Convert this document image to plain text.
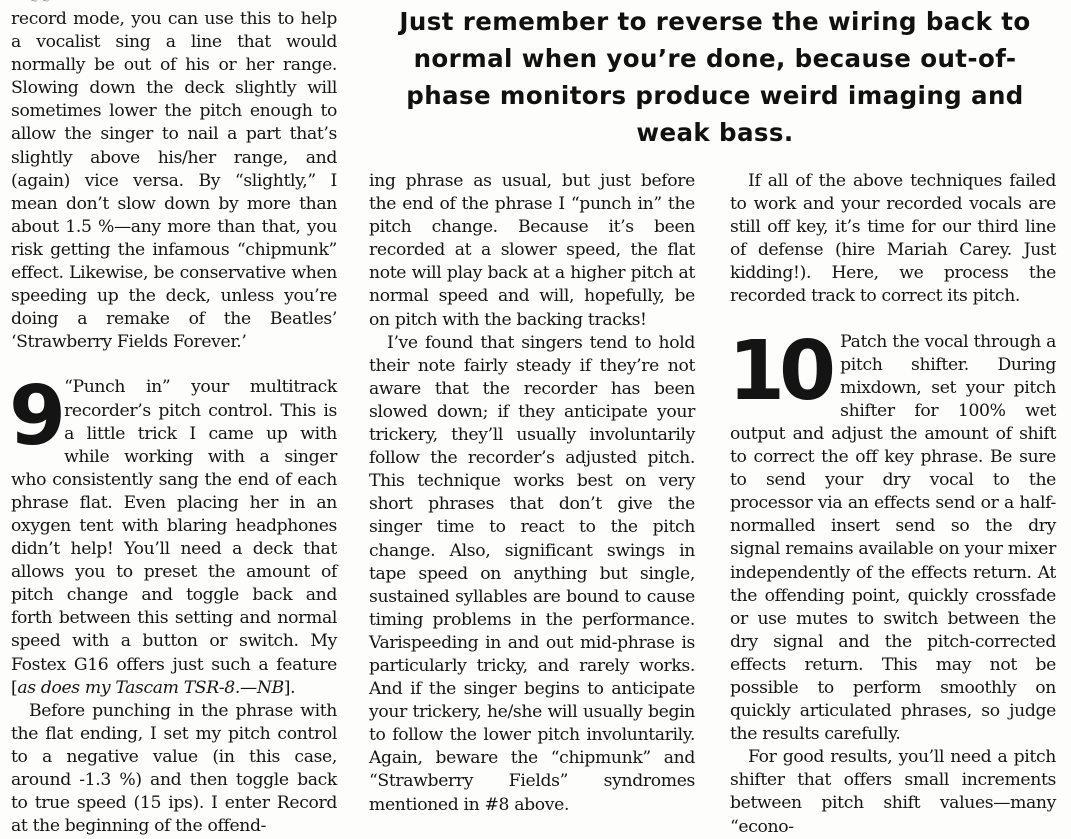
~ ~
Just remember to reverse the wiring back to normal when you’re done, because out-of-phase monitors produce weird imaging and weak bass.

record mode, you can use this to help a vocalist sing a line that would normally be out of his or her range. Slowing down the deck slightly will sometimes lower the pitch enough to allow the singer to nail a part that’s slightly above his/her range, and (again) vice versa. By “slightly,” I mean don’t slow down by more than about 1.5 %—any more than that, you risk getting the infamous “chipmunk” effect. Likewise, be conservative when speeding up the deck, unless you’re doing a remake of the Beatles’ ‘Strawberry Fields Forever.’

9 “Punch in” your multitrack recorder’s pitch control. This is a little trick I came up with while working with a singer who consistently sang the end of each phrase flat. Even placing her in an oxygen tent with blaring headphones didn’t help! You’ll need a deck that allows you to preset the amount of pitch change and toggle back and forth between this setting and normal speed with a button or switch. My Fostex G16 offers just such a feature [as does my Tascam TSR-8.—NB].

Before punching in the phrase with the flat ending, I set my pitch control to a negative value (in this case, around -1.3 %) and then toggle back to true speed (15 ips). I enter Record at the beginning of the offend-

ing phrase as usual, but just before the end of the phrase I “punch in” the pitch change. Because it’s been recorded at a slower speed, the flat note will play back at a higher pitch at normal speed and will, hopefully, be on pitch with the backing tracks!

I’ve found that singers tend to hold their note fairly steady if they’re not aware that the recorder has been slowed down; if they anticipate your trickery, they’ll usually involuntarily follow the recorder’s adjusted pitch. This technique works best on very short phrases that don’t give the singer time to react to the pitch change. Also, significant swings in tape speed on anything but single, sustained syllables are bound to cause timing problems in the performance. Varispeeding in and out mid-phrase is particularly tricky, and rarely works. And if the singer begins to anticipate your trickery, he/she will usually begin to follow the lower pitch involuntarily. Again, beware the “chipmunk” and “Strawberry Fields” syndromes mentioned in #8 above.

If all of the above techniques failed to work and your recorded vocals are still off key, it’s time for our third line of defense (hire Mariah Carey. Just kidding!). Here, we process the recorded track to correct its pitch.

10 Patch the vocal through a pitch shifter. During mixdown, set your pitch shifter for 100% wet output and adjust the amount of shift to correct the off key phrase. Be sure to send your dry vocal to the processor via an effects send or a half-normalled insert send so the dry signal remains available on your mixer independently of the effects return. At the offending point, quickly crossfade or use mutes to switch between the dry signal and the pitch-corrected effects return. This may not be possible to perform smoothly on quickly articulated phrases, so judge the results carefully.

For good results, you’ll need a pitch shifter that offers small increments between pitch shift values—many “econo-
